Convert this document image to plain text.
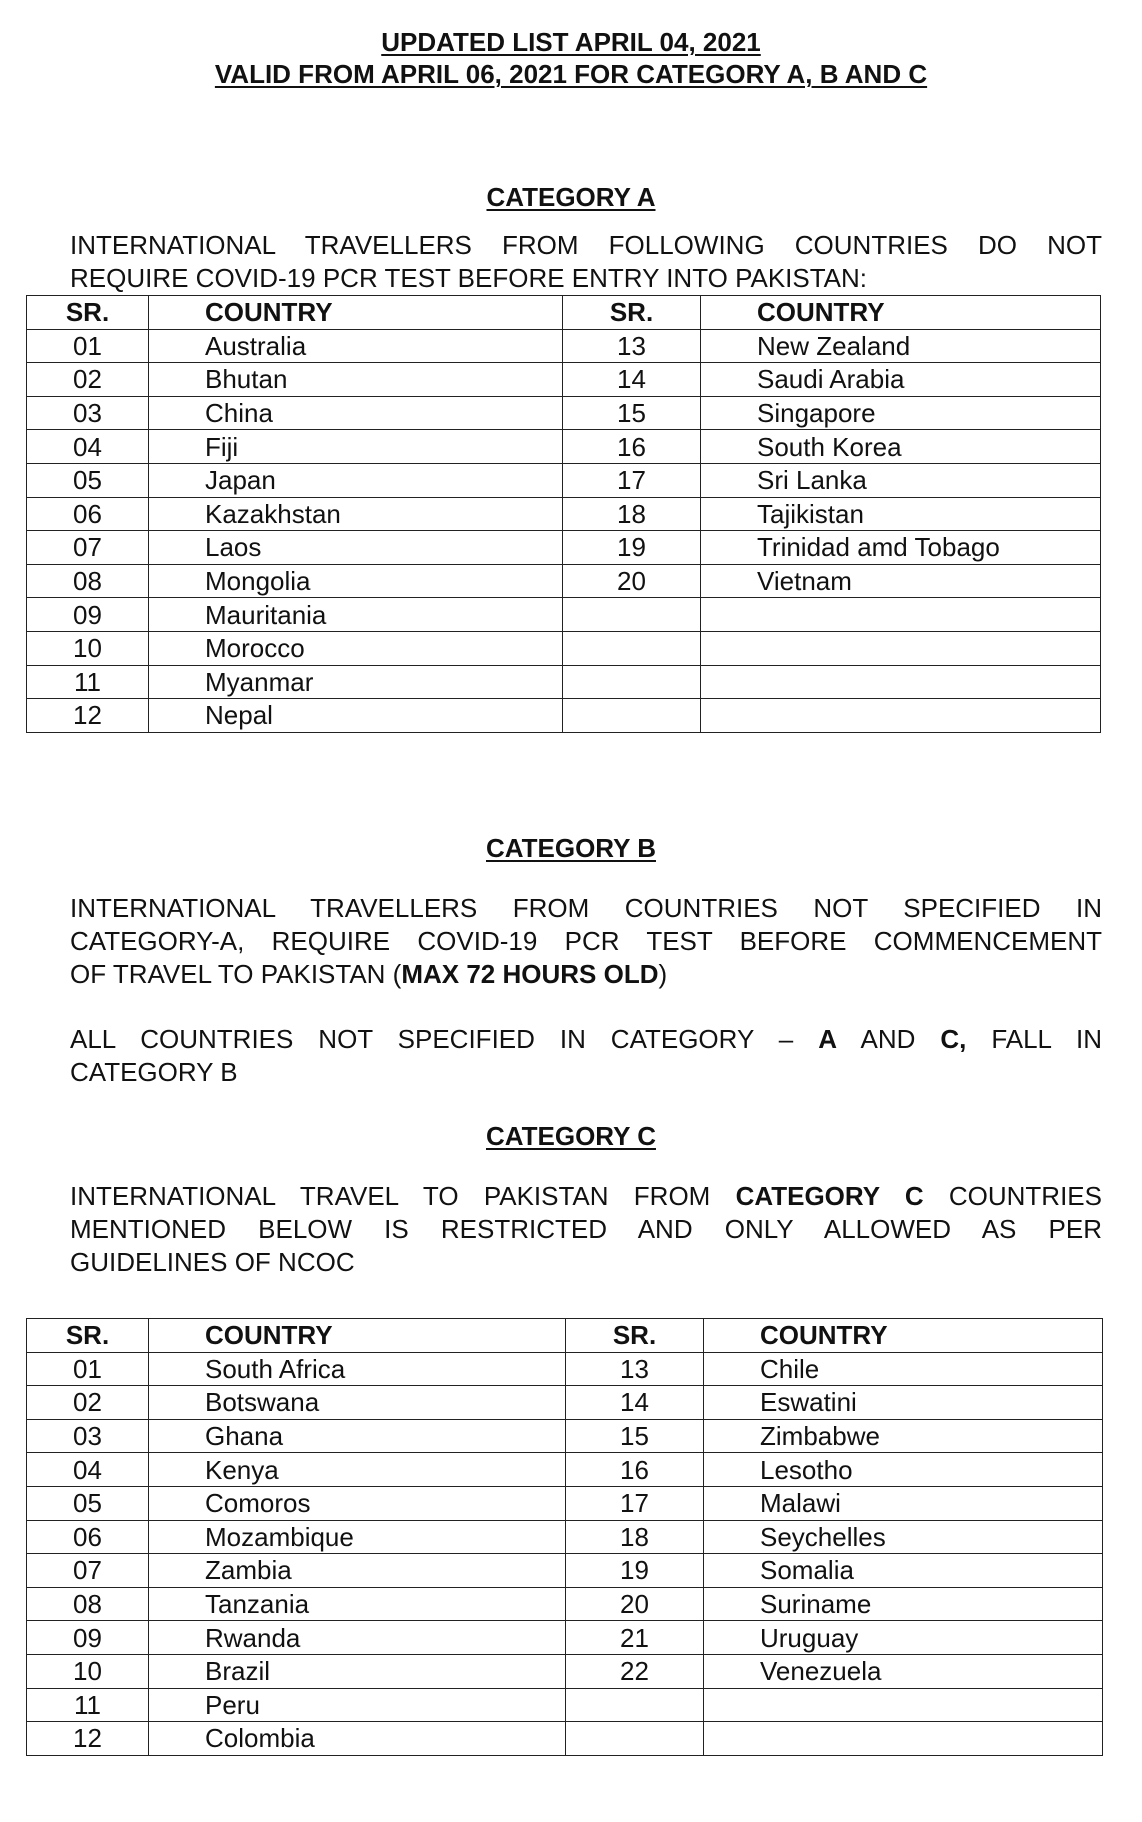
UPDATED LIST APRIL 04, 2021
VALID FROM APRIL 06, 2021 FOR CATEGORY A, B AND C
CATEGORY A
INTERNATIONAL TRAVELLERS FROM FOLLOWING COUNTRIES DO NOT
REQUIRE COVID-19 PCR TEST BEFORE ENTRY INTO PAKISTAN:
SR.	COUNTRY	SR.	COUNTRY
01	Australia	13	New Zealand
02	Bhutan	14	Saudi Arabia
03	China	15	Singapore
04	Fiji	16	South Korea
05	Japan	17	Sri Lanka
06	Kazakhstan	18	Tajikistan
07	Laos	19	Trinidad amd Tobago
08	Mongolia	20	Vietnam
09	Mauritania		
10	Morocco		
11	Myanmar		
12	Nepal		
CATEGORY B
INTERNATIONAL TRAVELLERS FROM COUNTRIES NOT SPECIFIED IN
CATEGORY-A, REQUIRE COVID-19 PCR TEST BEFORE COMMENCEMENT
OF TRAVEL TO PAKISTAN (MAX 72 HOURS OLD)
ALL COUNTRIES NOT SPECIFIED IN CATEGORY – A AND C, FALL IN
CATEGORY B
CATEGORY C
INTERNATIONAL TRAVEL TO PAKISTAN FROM CATEGORY C COUNTRIES
MENTIONED BELOW IS RESTRICTED AND ONLY ALLOWED AS PER
GUIDELINES OF NCOC
SR.	COUNTRY	SR.	COUNTRY
01	South Africa	13	Chile
02	Botswana	14	Eswatini
03	Ghana	15	Zimbabwe
04	Kenya	16	Lesotho
05	Comoros	17	Malawi
06	Mozambique	18	Seychelles
07	Zambia	19	Somalia
08	Tanzania	20	Suriname
09	Rwanda	21	Uruguay
10	Brazil	22	Venezuela
11	Peru		
12	Colombia		
